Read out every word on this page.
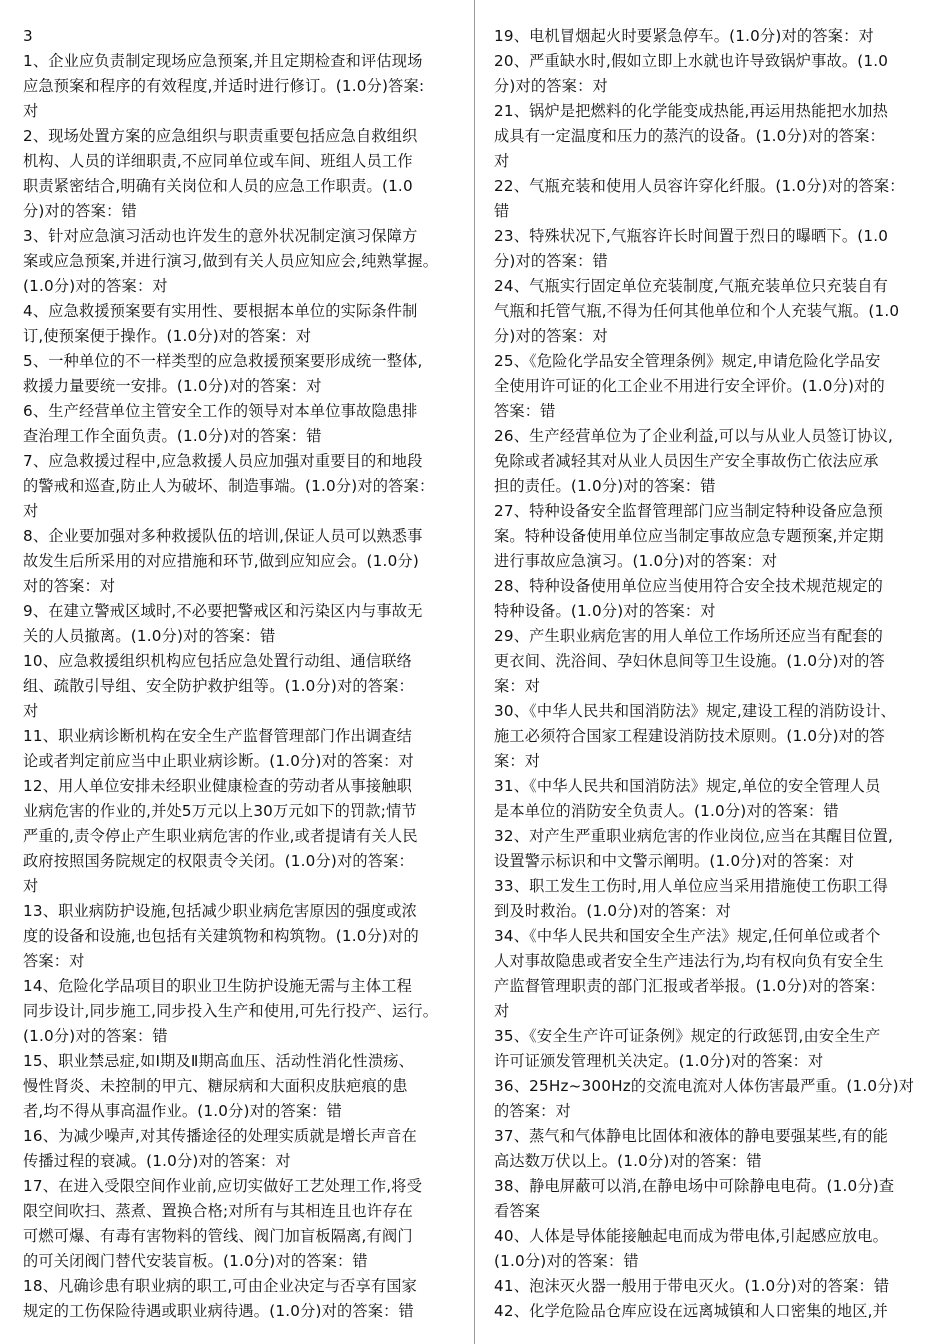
3
1、企业应负责制定现场应急预案,并且定期检查和评估现场
应急预案和程序的有效程度,并适时进行修订。(1.0分)答案:
对
2、现场处置方案的应急组织与职责重要包括应急自救组织
机构、人员的详细职责,不应同单位或车间、班组人员工作
职责紧密结合,明确有关岗位和人员的应急工作职责。(1.0
分)对的答案：错
3、针对应急演习活动也许发生的意外状况制定演习保障方
案或应急预案,并进行演习,做到有关人员应知应会,纯熟掌握。
(1.0分)对的答案：对
4、应急救援预案要有实用性、要根据本单位的实际条件制
订,使预案便于操作。(1.0分)对的答案：对
5、一种单位的不一样类型的应急救援预案要形成统一整体,
救援力量要统一安排。(1.0分)对的答案：对
6、生产经营单位主管安全工作的领导对本单位事故隐患排
查治理工作全面负责。(1.0分)对的答案：错
7、应急救援过程中,应急救援人员应加强对重要目的和地段
的警戒和巡查,防止人为破坏、制造事端。(1.0分)对的答案：
对
8、企业要加强对多种救援队伍的培训,保证人员可以熟悉事
故发生后所采用的对应措施和环节,做到应知应会。(1.0分)
对的答案：对
9、在建立警戒区域时,不必要把警戒区和污染区内与事故无
关的人员撤离。(1.0分)对的答案：错
10、应急救援组织机构应包括应急处置行动组、通信联络
组、疏散引导组、安全防护救护组等。(1.0分)对的答案：
对
11、职业病诊断机构在安全生产监督管理部门作出调查结
论或者判定前应当中止职业病诊断。(1.0分)对的答案：对
12、用人单位安排未经职业健康检查的劳动者从事接触职
业病危害的作业的,并处5万元以上30万元如下的罚款;情节
严重的,责令停止产生职业病危害的作业,或者提请有关人民
政府按照国务院规定的权限责令关闭。(1.0分)对的答案：
对
13、职业病防护设施,包括减少职业病危害原因的强度或浓
度的设备和设施,也包括有关建筑物和构筑物。(1.0分)对的
答案：对
14、危险化学品项目的职业卫生防护设施无需与主体工程
同步设计,同步施工,同步投入生产和使用,可先行投产、运行。
(1.0分)对的答案：错
15、职业禁忌症,如Ⅰ期及Ⅱ期高血压、活动性消化性溃疡、
慢性肾炎、未控制的甲亢、糖尿病和大面积皮肤疤痕的患
者,均不得从事高温作业。(1.0分)对的答案：错
16、为减少噪声,对其传播途径的处理实质就是增长声音在
传播过程的衰减。(1.0分)对的答案：对
17、在进入受限空间作业前,应切实做好工艺处理工作,将受
限空间吹扫、蒸煮、置换合格;对所有与其相连且也许存在
可燃可爆、有毒有害物料的管线、阀门加盲板隔离,有阀门
的可关闭阀门替代安装盲板。(1.0分)对的答案：错
18、凡确诊患有职业病的职工,可由企业决定与否享有国家
规定的工伤保险待遇或职业病待遇。(1.0分)对的答案：错
19、电机冒烟起火时要紧急停车。(1.0分)对的答案：对
20、严重缺水时,假如立即上水就也许导致锅炉事故。(1.0
分)对的答案：对
21、锅炉是把燃料的化学能变成热能,再运用热能把水加热
成具有一定温度和压力的蒸汽的设备。(1.0分)对的答案：
对
22、气瓶充装和使用人员容许穿化纤服。(1.0分)对的答案：
错
23、特殊状况下,气瓶容许长时间置于烈日的曝晒下。(1.0
分)对的答案：错
24、气瓶实行固定单位充装制度,气瓶充装单位只充装自有
气瓶和托管气瓶,不得为任何其他单位和个人充装气瓶。(1.0
分)对的答案：对
25、《危险化学品安全管理条例》规定,申请危险化学品安
全使用许可证的化工企业不用进行安全评价。(1.0分)对的
答案：错
26、生产经营单位为了企业利益,可以与从业人员签订协议,
免除或者减轻其对从业人员因生产安全事故伤亡依法应承
担的责任。(1.0分)对的答案：错
27、特种设备安全监督管理部门应当制定特种设备应急预
案。特种设备使用单位应当制定事故应急专题预案,并定期
进行事故应急演习。(1.0分)对的答案：对
28、特种设备使用单位应当使用符合安全技术规范规定的
特种设备。(1.0分)对的答案：对
29、产生职业病危害的用人单位工作场所还应当有配套的
更衣间、洗浴间、孕妇休息间等卫生设施。(1.0分)对的答
案：对
30、《中华人民共和国消防法》规定,建设工程的消防设计、
施工必须符合国家工程建设消防技术原则。(1.0分)对的答
案：对
31、《中华人民共和国消防法》规定,单位的安全管理人员
是本单位的消防安全负责人。(1.0分)对的答案：错
32、对产生严重职业病危害的作业岗位,应当在其醒目位置,
设置警示标识和中文警示阐明。(1.0分)对的答案：对
33、职工发生工伤时,用人单位应当采用措施使工伤职工得
到及时救治。(1.0分)对的答案：对
34、《中华人民共和国安全生产法》规定,任何单位或者个
人对事故隐患或者安全生产违法行为,均有权向负有安全生
产监督管理职责的部门汇报或者举报。(1.0分)对的答案：
对
35、《安全生产许可证条例》规定的行政惩罚,由安全生产
许可证颁发管理机关决定。(1.0分)对的答案：对
36、25Hz~300Hz的交流电流对人体伤害最严重。(1.0分)对
的答案：对
37、蒸气和气体静电比固体和液体的静电要强某些,有的能
高达数万伏以上。(1.0分)对的答案：错
38、静电屏蔽可以消,在静电场中可除静电电荷。(1.0分)查
看答案
40、人体是导体能接触起电而成为带电体,引起感应放电。
(1.0分)对的答案：错
41、泡沫灭火器一般用于带电灭火。(1.0分)对的答案：错
42、化学危险品仓库应设在远离城镇和人口密集的地区,并
